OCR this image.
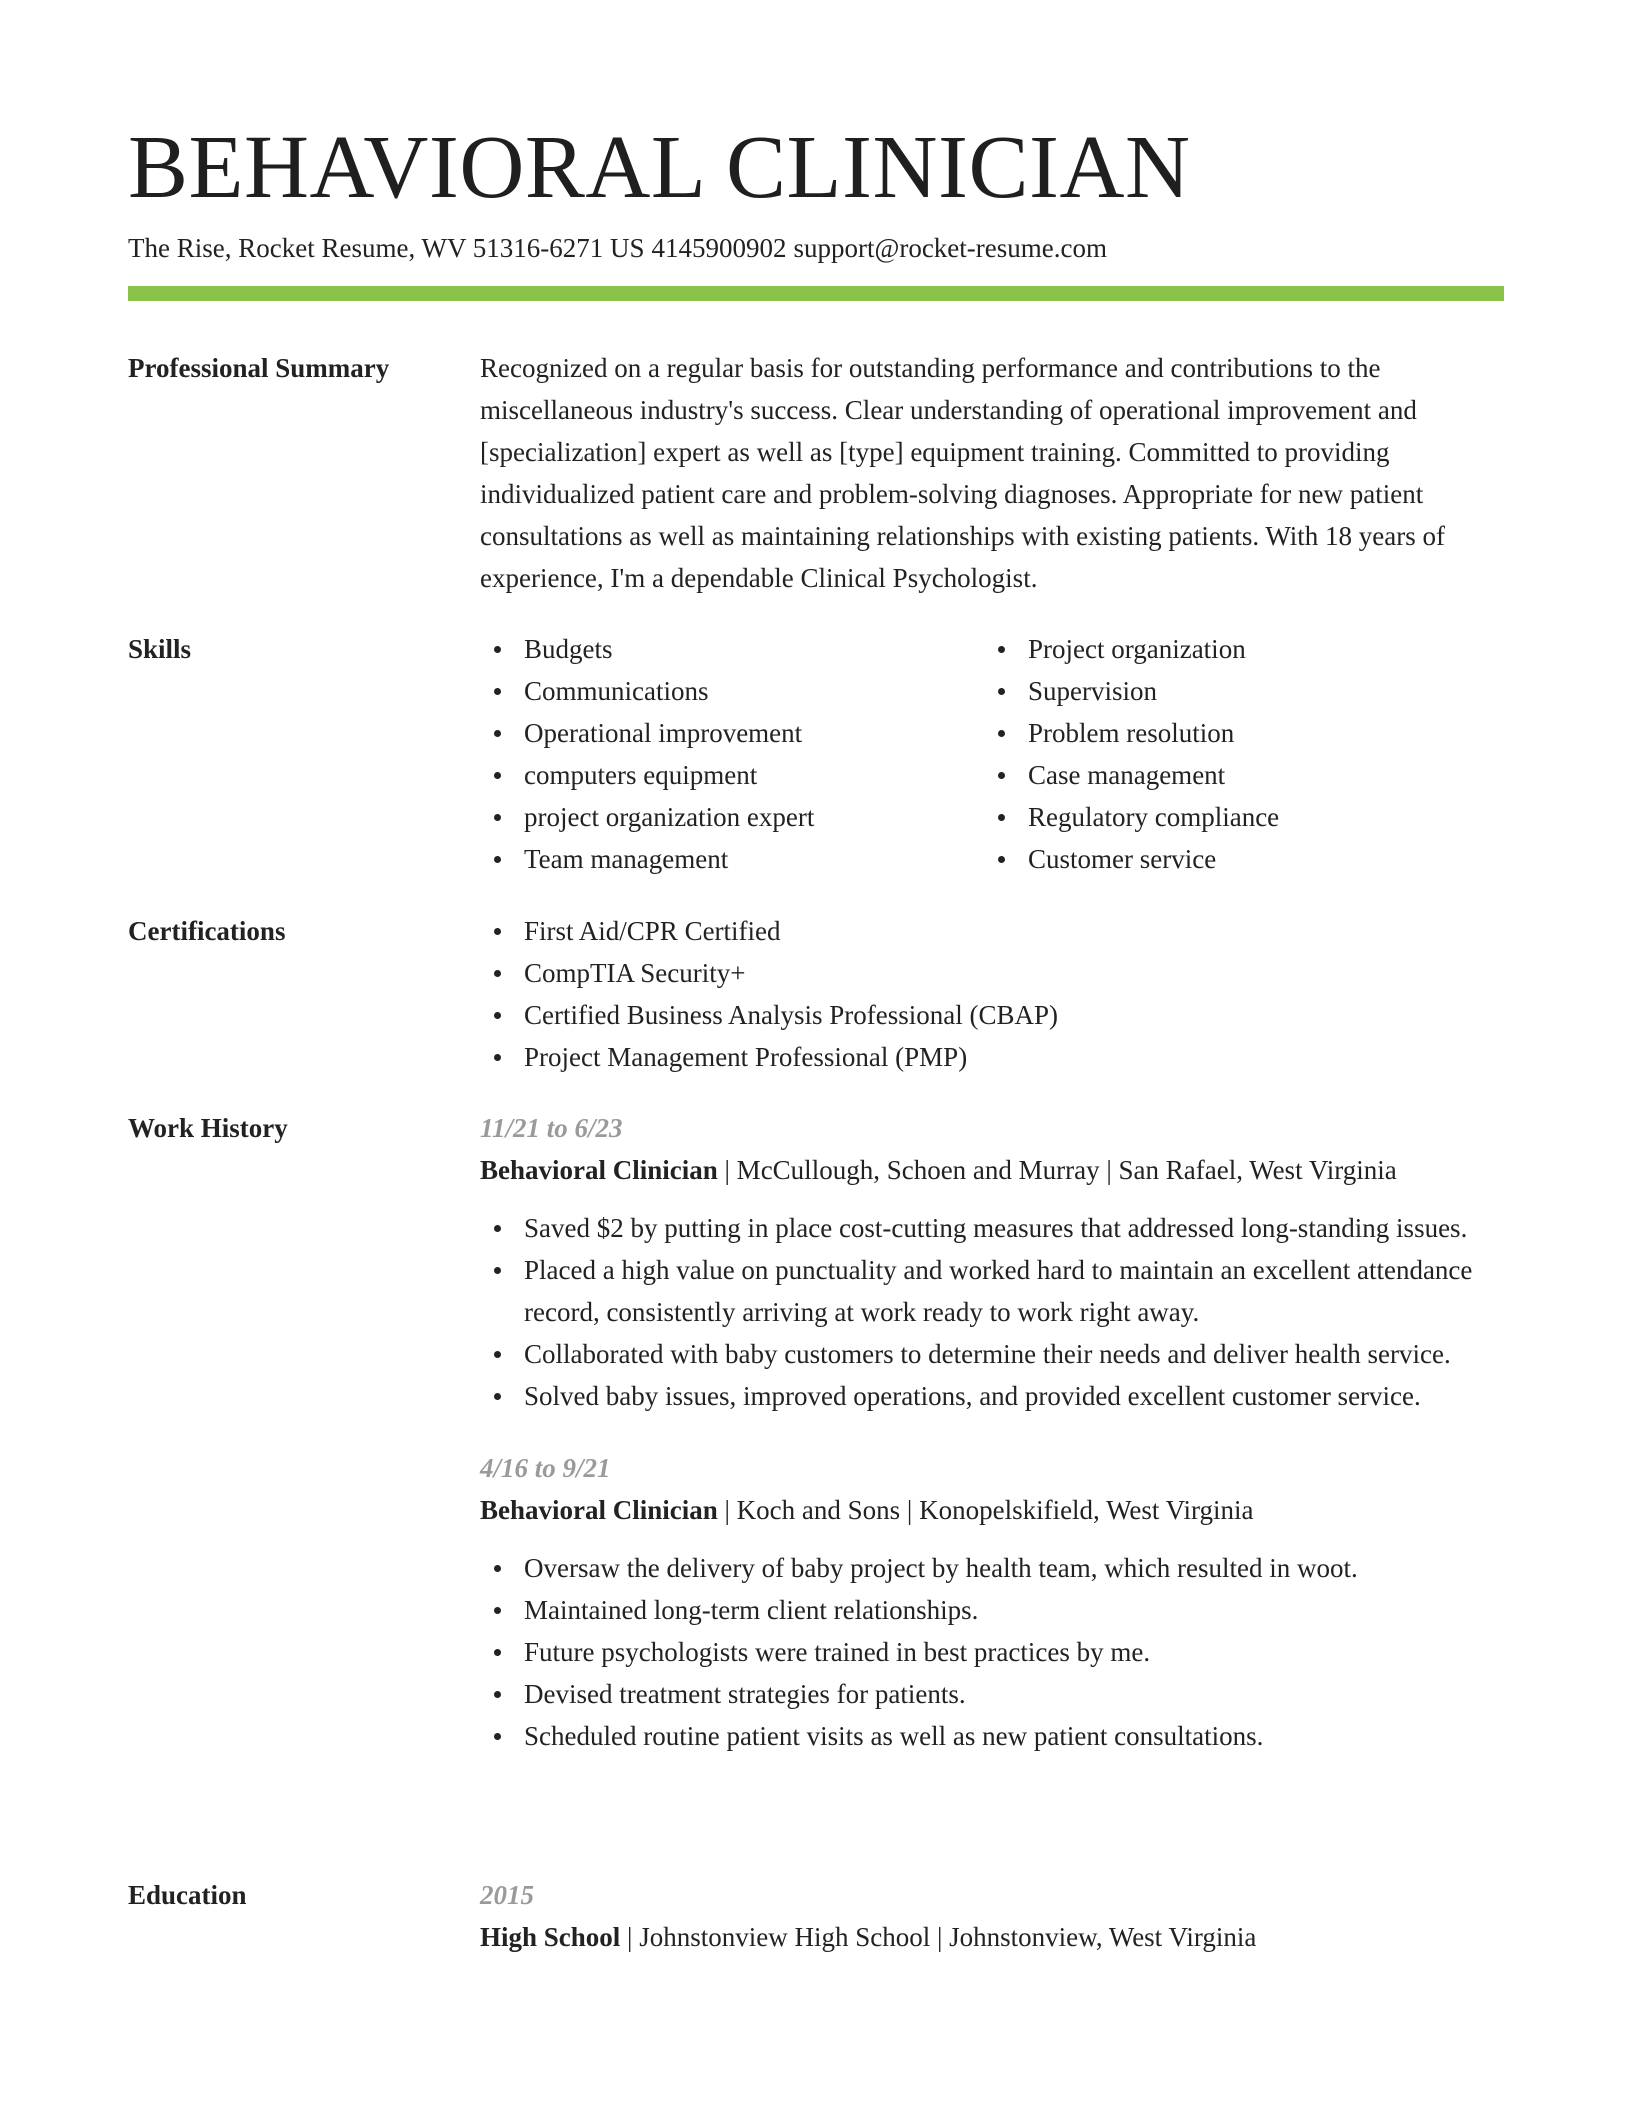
BEHAVIORAL CLINICIAN
The Rise, Rocket Resume, WV 51316-6271 US 4145900902 support@rocket-resume.com
Professional Summary	Recognized on a regular basis for outstanding performance and contributions to the miscellaneous industry's success. Clear understanding of operational improvement and [specialization] expert as well as [type] equipment training. Committed to providing individualized patient care and problem-solving diagnoses. Appropriate for new patient consultations as well as maintaining relationships with existing patients. With 18 years of experience, I'm a dependable Clinical Psychologist.

Skills	Budgets
Communications
Operational improvement
computers equipment
project organization expert
Team management
Project organization
Supervision
Problem resolution
Case management
Regulatory compliance
Customer service
Certifications	First Aid/CPR Certified
CompTIA Security+
Certified Business Analysis Professional (CBAP)
Project Management Professional (PMP)
Work History	11/21 to 6/23
Behavioral Clinician | McCullough, Schoen and Murray | San Rafael, West Virginia
Saved $2 by putting in place cost-cutting measures that addressed long-standing issues.
Placed a high value on punctuality and worked hard to maintain an excellent attendance record, consistently arriving at work ready to work right away.
Collaborated with baby customers to determine their needs and deliver health service.
Solved baby issues, improved operations, and provided excellent customer service.
4/16 to 9/21
Behavioral Clinician | Koch and Sons | Konopelskifield, West Virginia
Oversaw the delivery of baby project by health team, which resulted in woot.
Maintained long-term client relationships.
Future psychologists were trained in best practices by me.
Devised treatment strategies for patients.
Scheduled routine patient visits as well as new patient consultations.
Education	2015
High School | Johnstonview High School | Johnstonview, West Virginia
